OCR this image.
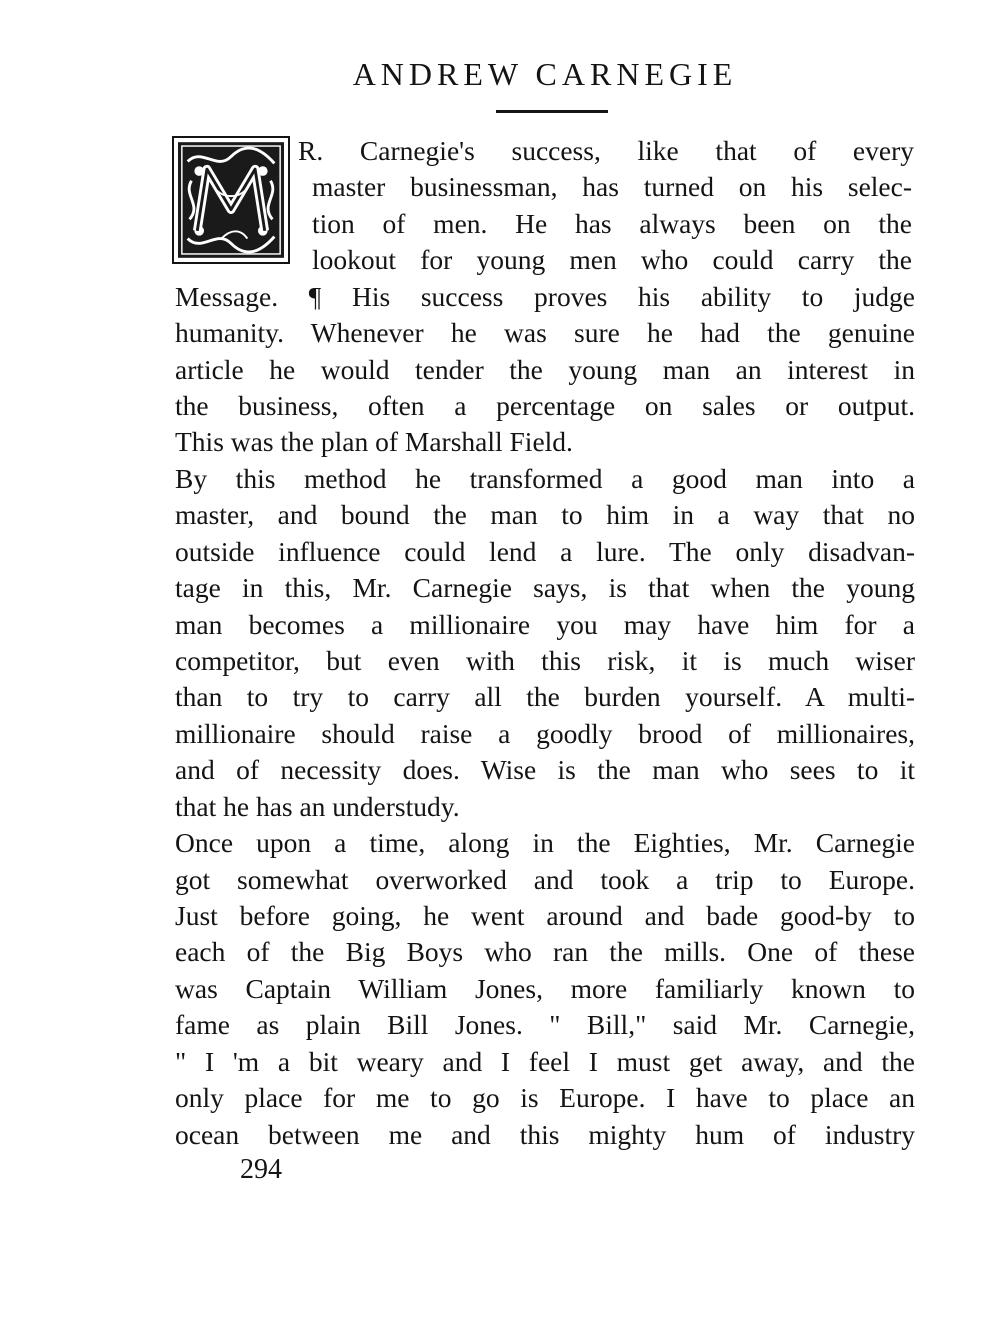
ANDREW CARNEGIE
R. Carnegie's success, like that of every
master businessman, has turned on his selec-
tion of men. He has always been on the
lookout for young men who could carry the
Message. ¶ His success proves his ability to judge
humanity. Whenever he was sure he had the genuine
article he would tender the young man an interest in
the business, often a percentage on sales or output.
This was the plan of Marshall Field.
By this method he transformed a good man into a
master, and bound the man to him in a way that no
outside influence could lend a lure. The only disadvan-
tage in this, Mr. Carnegie says, is that when the young
man becomes a millionaire you may have him for a
competitor, but even with this risk, it is much wiser
than to try to carry all the burden yourself. A multi-
millionaire should raise a goodly brood of millionaires,
and of necessity does. Wise is the man who sees to it
that he has an understudy.
Once upon a time, along in the Eighties, Mr. Carnegie
got somewhat overworked and took a trip to Europe.
Just before going, he went around and bade good-by to
each of the Big Boys who ran the mills. One of these
was Captain William Jones, more familiarly known to
fame as plain Bill Jones. " Bill," said Mr. Carnegie,
" I 'm a bit weary and I feel I must get away, and the
only place for me to go is Europe. I have to place an
ocean between me and this mighty hum of industry
294
